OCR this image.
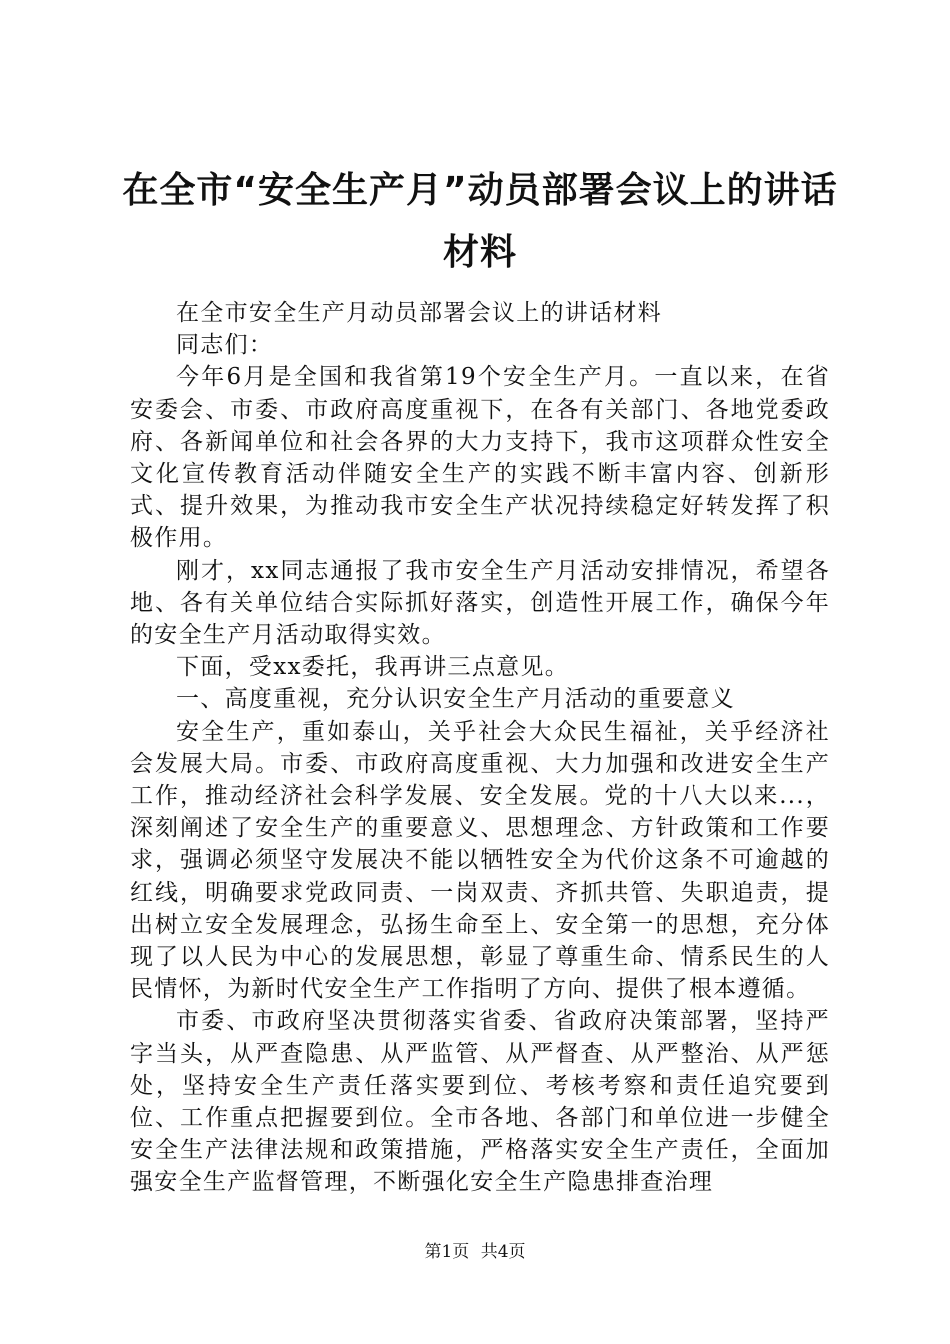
在全市“安全生产月”动员部署会议上的讲话材料

在全市安全生产月动员部署会议上的讲话材料

同志们：

今年6月是全国和我省第19个安全生产月。一直以来，在省安委会、市委、市政府高度重视下，在各有关部门、各地党委政府、各新闻单位和社会各界的大力支持下，我市这项群众性安全文化宣传教育活动伴随安全生产的实践不断丰富内容、创新形式、提升效果，为推动我市安全生产状况持续稳定好转发挥了积极作用。

刚才，xx同志通报了我市安全生产月活动安排情况，希望各地、各有关单位结合实际抓好落实，创造性开展工作，确保今年的安全生产月活动取得实效。

下面，受xx委托，我再讲三点意见。

一、高度重视，充分认识安全生产月活动的重要意义

安全生产，重如泰山，关乎社会大众民生福祉，关乎经济社会发展大局。市委、市政府高度重视、大力加强和改进安全生产工作，推动经济社会科学发展、安全发展。党的十八大以来...，深刻阐述了安全生产的重要意义、思想理念、方针政策和工作要求，强调必须坚守发展决不能以牺牲安全为代价这条不可逾越的红线，明确要求党政同责、一岗双责、齐抓共管、失职追责，提出树立安全发展理念，弘扬生命至上、安全第一的思想，充分体现了以人民为中心的发展思想，彰显了尊重生命、情系民生的人民情怀，为新时代安全生产工作指明了方向、提供了根本遵循。

市委、市政府坚决贯彻落实省委、省政府决策部署，坚持严字当头，从严查隐患、从严监管、从严督查、从严整治、从严惩处，坚持安全生产责任落实要到位、考核考察和责任追究要到位、工作重点把握要到位。全市各地、各部门和单位进一步健全安全生产法律法规和政策措施，严格落实安全生产责任，全面加强安全生产监督管理，不断强化安全生产隐患排查治理

第1页 共4页
